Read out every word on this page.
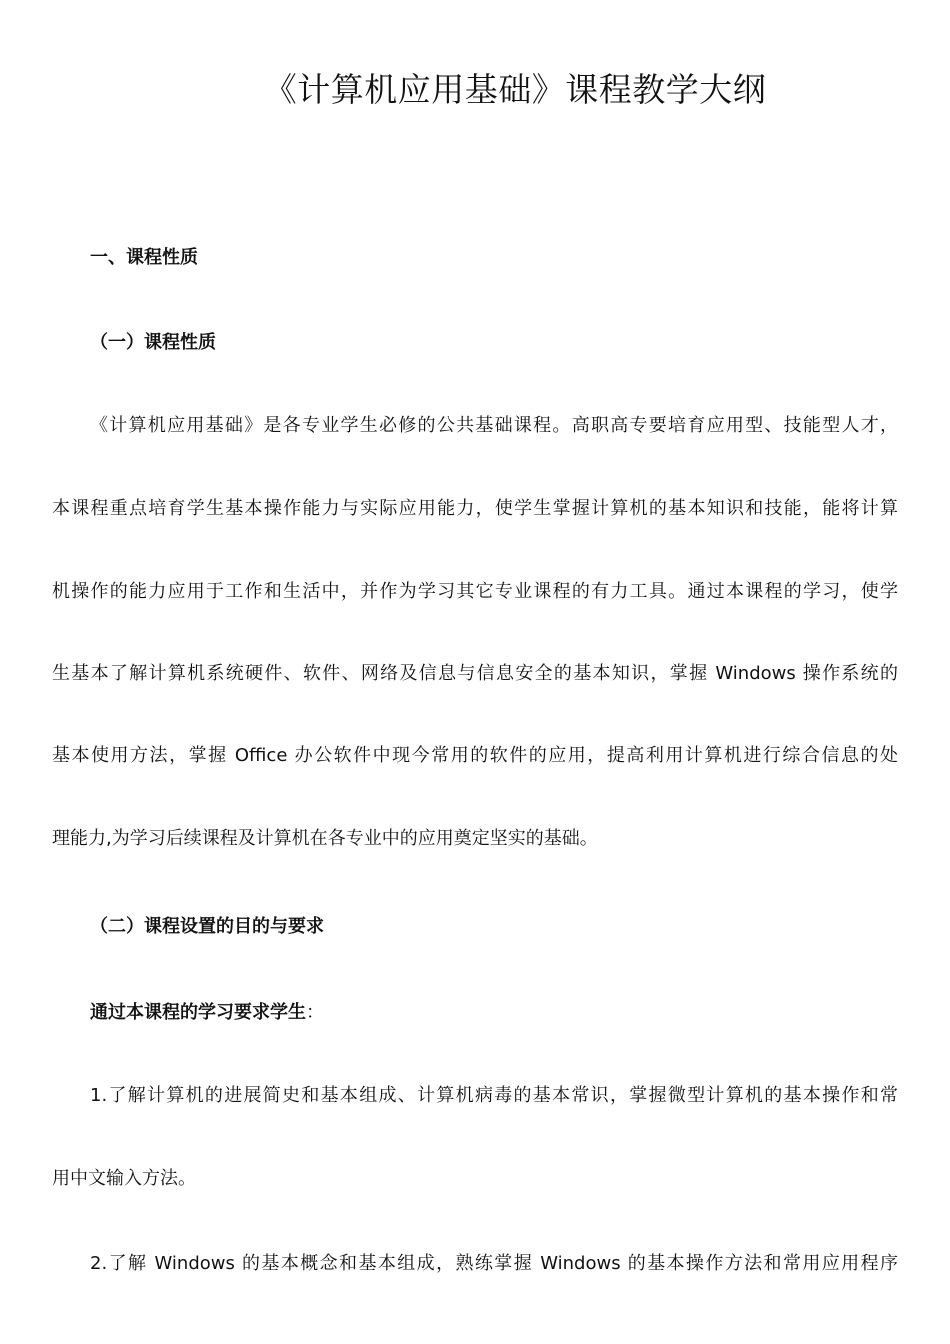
《计算机应用基础》课程教学大纲
一、课程性质
（一）课程性质
《计算机应用基础》是各专业学生必修的公共基础课程。高职高专要培育应用型、技能型人才，
本课程重点培育学生基本操作能力与实际应用能力，使学生掌握计算机的基本知识和技能，能将计算
机操作的能力应用于工作和生活中，并作为学习其它专业课程的有力工具。通过本课程的学习，使学
生基本了解计算机系统硬件、软件、网络及信息与信息安全的基本知识，掌握 Windows 操作系统的
基本使用方法，掌握 Office 办公软件中现今常用的软件的应用，提高利用计算机进行综合信息的处
理能力,为学习后续课程及计算机在各专业中的应用奠定坚实的基础。
（二）课程设置的目的与要求
通过本课程的学习要求学生：
1.了解计算机的进展简史和基本组成、计算机病毒的基本常识，掌握微型计算机的基本操作和常
用中文输入方法。
2.了解 Windows 的基本概念和基本组成，熟练掌握 Windows 的基本操作方法和常用应用程序
